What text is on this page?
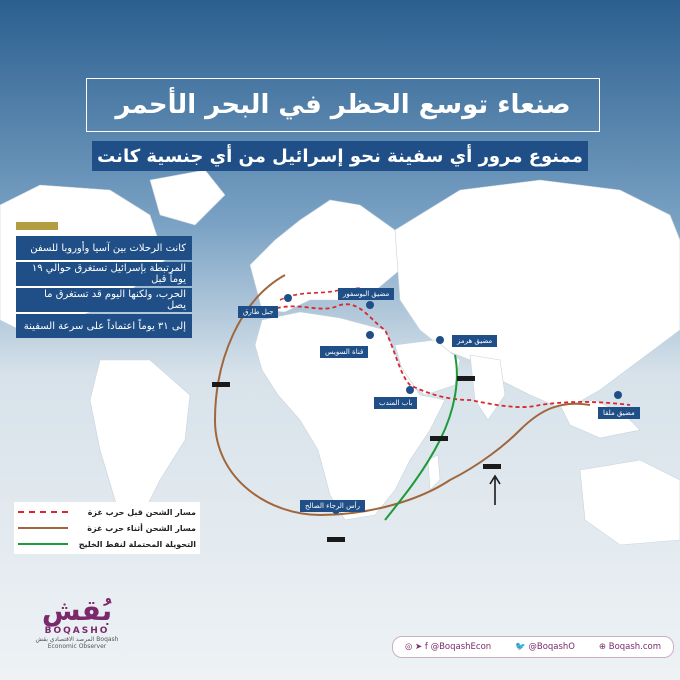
صنعاء توسع الحظر في البحر الأحمر
ممنوع مرور أي سفينة نحو إسرائيل من أي جنسية كانت
كانت الرحلات بين آسيا وأوروبا للسفن
المرتبطة بإسرائيل تستغرق حوالي ١٩ يوماً قبل
الحرب، ولكنها اليوم قد تستغرق ما يصل
إلى ٣١ يوماً اعتماداً على سرعة السفينة
جبل طارق
مضيق البوسفور
قناة السويس
مضيق هرمز
باب المندب
مضيق ملقا
رأس الرجاء الصالح
مسار الشحن قبل حرب غزة
مسار الشحن أثناء حرب غزة
التحويلة المحتملة لنفط الخليج
بُقش
BOQASHO
المرصد الاقتصادي بقش Boqash Economic Observer	◎ ➤ f @BoqashEcon	🐦 @BoqashO	⊕ Boqash.com
